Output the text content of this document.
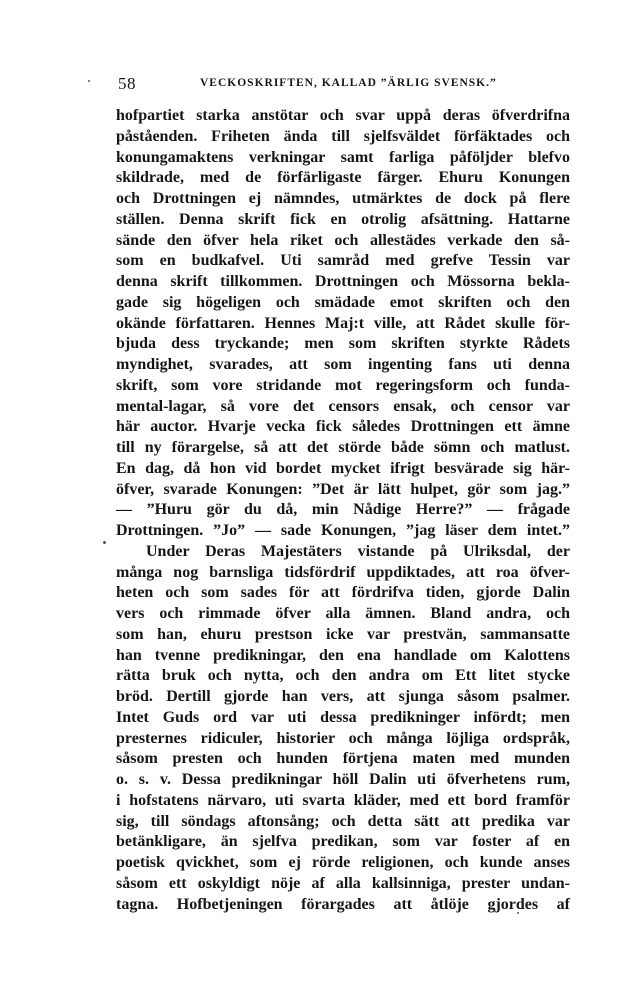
58	VECKOSKRIFTEN, KALLAD ”ÄRLIG SVENSK.”
hofpartiet starka anstötar och svar uppå deras öfverdrifna
påståenden. Friheten ända till sjelfsväldet förfäktades och
konungamaktens verkningar samt farliga påföljder blefvo
skildrade, med de förfärligaste färger. Ehuru Konungen
och Drottningen ej nämndes, utmärktes de dock på flere
ställen. Denna skrift fick en otrolig afsättning. Hattarne
sände den öfver hela riket och allestädes verkade den så-
som en budkafvel. Uti samråd med grefve Tessin var
denna skrift tillkommen. Drottningen och Mössorna bekla-
gade sig högeligen och smädade emot skriften och den
okände författaren. Hennes Maj:t ville, att Rådet skulle för-
bjuda dess tryckande; men som skriften styrkte Rådets
myndighet, svarades, att som ingenting fans uti denna
skrift, som vore stridande mot regeringsform och funda-
mental-lagar, så vore det censors ensak, och censor var
här auctor. Hvarje vecka fick således Drottningen ett ämne
till ny förargelse, så att det störde både sömn och matlust.
En dag, då hon vid bordet mycket ifrigt besvärade sig här-
öfver, svarade Konungen: ”Det är lätt hulpet, gör som jag.”
— ”Huru gör du då, min Nådige Herre?” — frågade
Drottningen. ”Jo” — sade Konungen, ”jag läser dem intet.”
Under Deras Majestäters vistande på Ulriksdal, der
många nog barnsliga tidsfördrif uppdiktades, att roa öfver-
heten och som sades för att fördrifva tiden, gjorde Dalin
vers och rimmade öfver alla ämnen. Bland andra, och
som han, ehuru prestson icke var prestvän, sammansatte
han tvenne predikningar, den ena handlade om Kalottens
rätta bruk och nytta, och den andra om Ett litet stycke
bröd. Dertill gjorde han vers, att sjunga såsom psalmer.
Intet Guds ord var uti dessa predikninger infördt; men
presternes ridiculer, historier och många löjliga ordspråk,
såsom presten och hunden förtjena maten med munden
o. s. v. Dessa predikningar höll Dalin uti öfverhetens rum,
i hofstatens närvaro, uti svarta kläder, med ett bord framför
sig, till söndags aftonsång; och detta sätt att predika var
betänkligare, än sjelfva predikan, som var foster af en
poetisk qvickhet, som ej rörde religionen, och kunde anses
såsom ett oskyldigt nöje af alla kallsinniga, prester undan-
tagna. Hofbetjeningen förargades att åtlöje gjordes af
